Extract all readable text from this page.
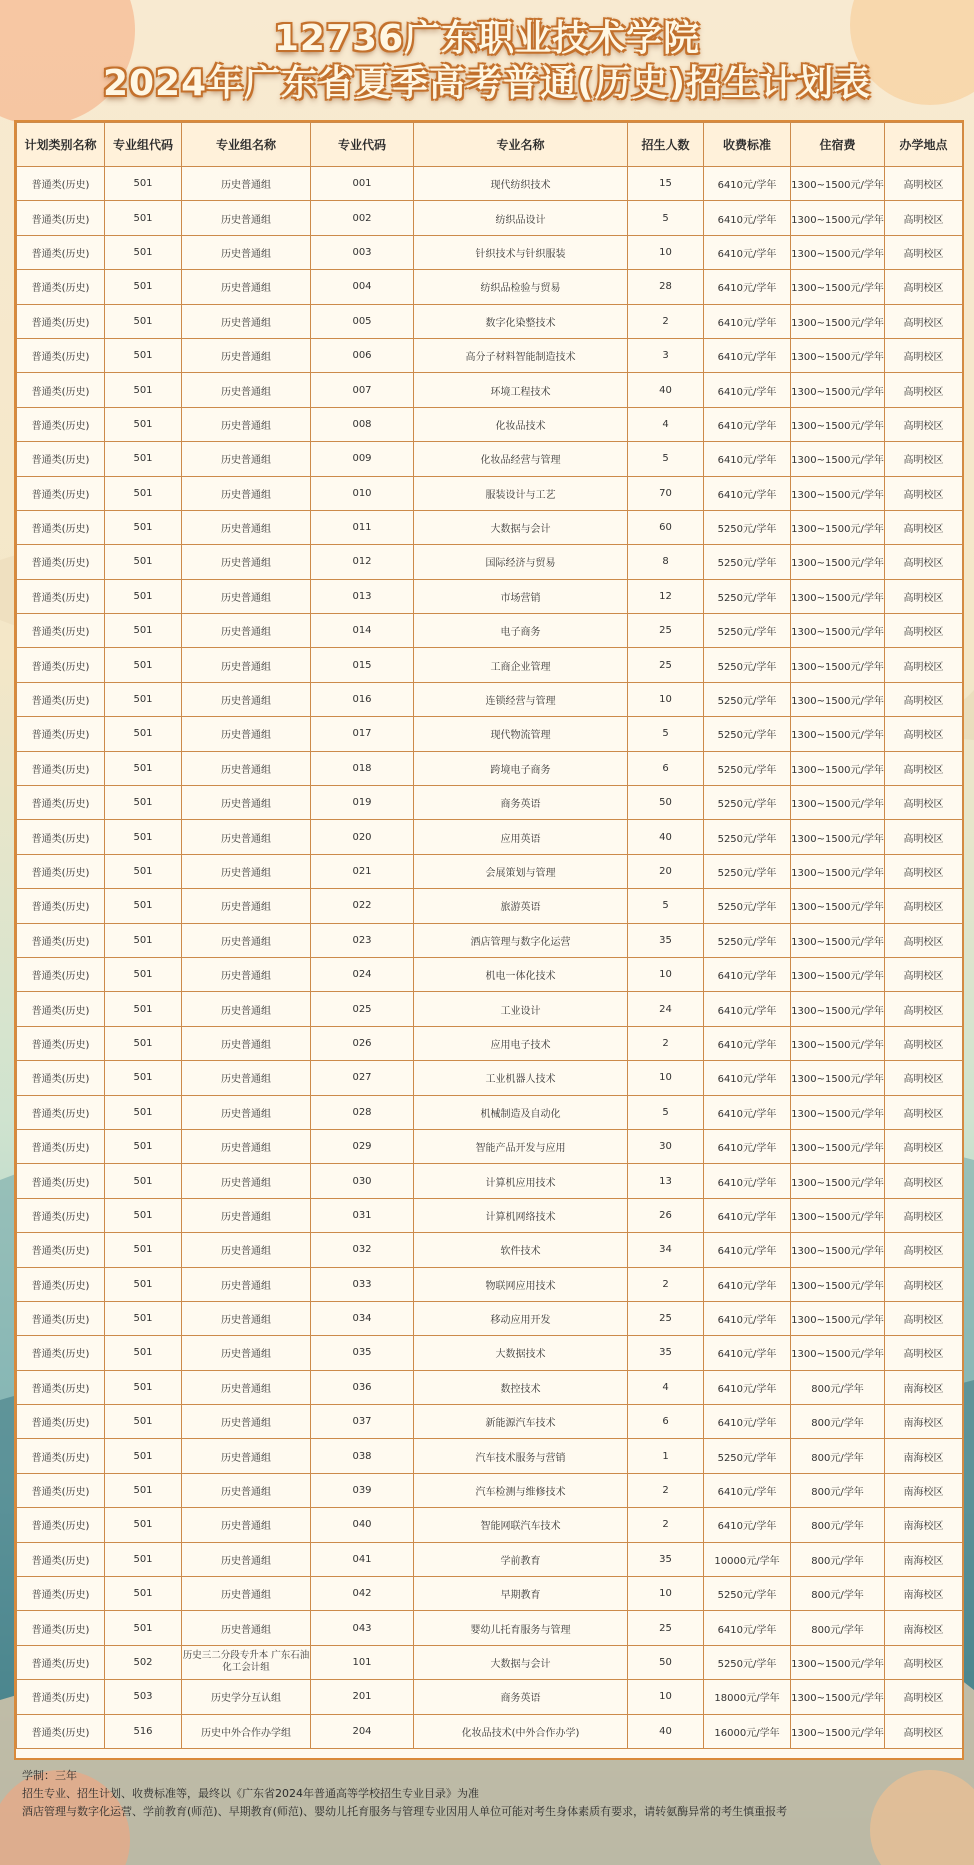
12736广东职业技术学院
2024年广东省夏季高考普通(历史)招生计划表
计划类别名称	专业组代码	专业组名称	专业代码	专业名称	招生人数	收费标准	住宿费	办学地点
普通类(历史)	501	历史普通组	001	现代纺织技术	15	6410元/学年	1300~1500元/学年	高明校区
普通类(历史)	501	历史普通组	002	纺织品设计	5	6410元/学年	1300~1500元/学年	高明校区
普通类(历史)	501	历史普通组	003	针织技术与针织服装	10	6410元/学年	1300~1500元/学年	高明校区
普通类(历史)	501	历史普通组	004	纺织品检验与贸易	28	6410元/学年	1300~1500元/学年	高明校区
普通类(历史)	501	历史普通组	005	数字化染整技术	2	6410元/学年	1300~1500元/学年	高明校区
普通类(历史)	501	历史普通组	006	高分子材料智能制造技术	3	6410元/学年	1300~1500元/学年	高明校区
普通类(历史)	501	历史普通组	007	环境工程技术	40	6410元/学年	1300~1500元/学年	高明校区
普通类(历史)	501	历史普通组	008	化妆品技术	4	6410元/学年	1300~1500元/学年	高明校区
普通类(历史)	501	历史普通组	009	化妆品经营与管理	5	6410元/学年	1300~1500元/学年	高明校区
普通类(历史)	501	历史普通组	010	服装设计与工艺	70	6410元/学年	1300~1500元/学年	高明校区
普通类(历史)	501	历史普通组	011	大数据与会计	60	5250元/学年	1300~1500元/学年	高明校区
普通类(历史)	501	历史普通组	012	国际经济与贸易	8	5250元/学年	1300~1500元/学年	高明校区
普通类(历史)	501	历史普通组	013	市场营销	12	5250元/学年	1300~1500元/学年	高明校区
普通类(历史)	501	历史普通组	014	电子商务	25	5250元/学年	1300~1500元/学年	高明校区
普通类(历史)	501	历史普通组	015	工商企业管理	25	5250元/学年	1300~1500元/学年	高明校区
普通类(历史)	501	历史普通组	016	连锁经营与管理	10	5250元/学年	1300~1500元/学年	高明校区
普通类(历史)	501	历史普通组	017	现代物流管理	5	5250元/学年	1300~1500元/学年	高明校区
普通类(历史)	501	历史普通组	018	跨境电子商务	6	5250元/学年	1300~1500元/学年	高明校区
普通类(历史)	501	历史普通组	019	商务英语	50	5250元/学年	1300~1500元/学年	高明校区
普通类(历史)	501	历史普通组	020	应用英语	40	5250元/学年	1300~1500元/学年	高明校区
普通类(历史)	501	历史普通组	021	会展策划与管理	20	5250元/学年	1300~1500元/学年	高明校区
普通类(历史)	501	历史普通组	022	旅游英语	5	5250元/学年	1300~1500元/学年	高明校区
普通类(历史)	501	历史普通组	023	酒店管理与数字化运营	35	5250元/学年	1300~1500元/学年	高明校区
普通类(历史)	501	历史普通组	024	机电一体化技术	10	6410元/学年	1300~1500元/学年	高明校区
普通类(历史)	501	历史普通组	025	工业设计	24	6410元/学年	1300~1500元/学年	高明校区
普通类(历史)	501	历史普通组	026	应用电子技术	2	6410元/学年	1300~1500元/学年	高明校区
普通类(历史)	501	历史普通组	027	工业机器人技术	10	6410元/学年	1300~1500元/学年	高明校区
普通类(历史)	501	历史普通组	028	机械制造及自动化	5	6410元/学年	1300~1500元/学年	高明校区
普通类(历史)	501	历史普通组	029	智能产品开发与应用	30	6410元/学年	1300~1500元/学年	高明校区
普通类(历史)	501	历史普通组	030	计算机应用技术	13	6410元/学年	1300~1500元/学年	高明校区
普通类(历史)	501	历史普通组	031	计算机网络技术	26	6410元/学年	1300~1500元/学年	高明校区
普通类(历史)	501	历史普通组	032	软件技术	34	6410元/学年	1300~1500元/学年	高明校区
普通类(历史)	501	历史普通组	033	物联网应用技术	2	6410元/学年	1300~1500元/学年	高明校区
普通类(历史)	501	历史普通组	034	移动应用开发	25	6410元/学年	1300~1500元/学年	高明校区
普通类(历史)	501	历史普通组	035	大数据技术	35	6410元/学年	1300~1500元/学年	高明校区
普通类(历史)	501	历史普通组	036	数控技术	4	6410元/学年	800元/学年	南海校区
普通类(历史)	501	历史普通组	037	新能源汽车技术	6	6410元/学年	800元/学年	南海校区
普通类(历史)	501	历史普通组	038	汽车技术服务与营销	1	5250元/学年	800元/学年	南海校区
普通类(历史)	501	历史普通组	039	汽车检测与维修技术	2	6410元/学年	800元/学年	南海校区
普通类(历史)	501	历史普通组	040	智能网联汽车技术	2	6410元/学年	800元/学年	南海校区
普通类(历史)	501	历史普通组	041	学前教育	35	10000元/学年	800元/学年	南海校区
普通类(历史)	501	历史普通组	042	早期教育	10	5250元/学年	800元/学年	南海校区
普通类(历史)	501	历史普通组	043	婴幼儿托育服务与管理	25	6410元/学年	800元/学年	南海校区
普通类(历史)	502	历史三二分段专升本 广东石油化工会计组	101	大数据与会计	50	5250元/学年	1300~1500元/学年	高明校区
普通类(历史)	503	历史学分互认组	201	商务英语	10	18000元/学年	1300~1500元/学年	高明校区
普通类(历史)	516	历史中外合作办学组	204	化妆品技术(中外合作办学)	40	16000元/学年	1300~1500元/学年	高明校区
学制：三年
招生专业、招生计划、收费标准等，最终以《广东省2024年普通高等学校招生专业目录》为准
酒店管理与数字化运营、学前教育(师范)、早期教育(师范)、婴幼儿托育服务与管理专业因用人单位可能对考生身体素质有要求，请转氨酶异常的考生慎重报考
